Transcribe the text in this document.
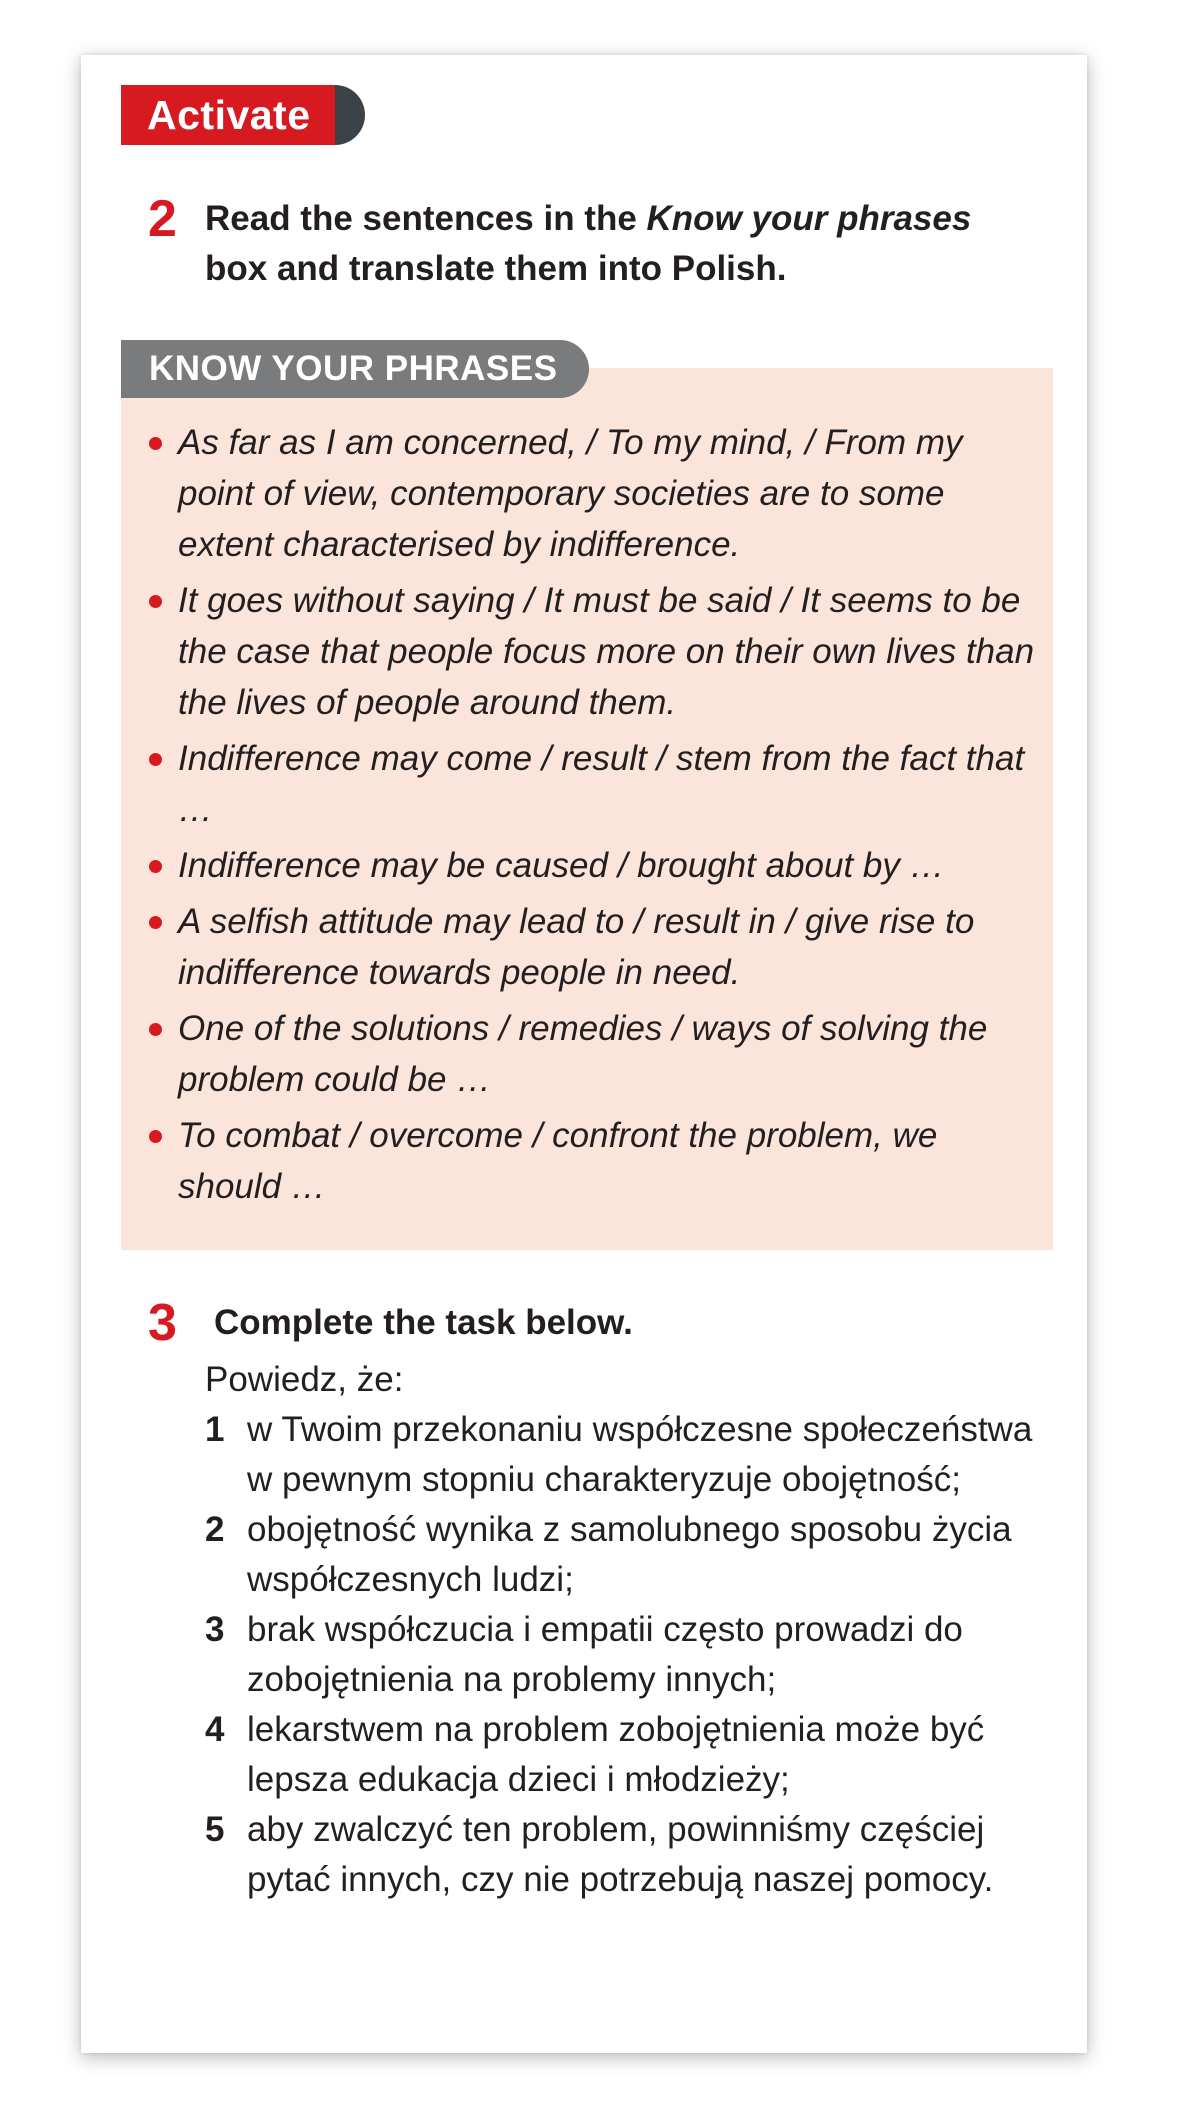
Activate
2 Read the sentences in the Know your phrases
box and translate them into Polish.
KNOW YOUR PHRASES
As far as I am concerned, / To my mind, / From my point of view, contemporary societies are to some extent characterised by indifference.
It goes without saying / It must be said / It seems to be the case that people focus more on their own lives than the lives of people around them.
Indifference may come / result / stem from the fact that …
Indifference may be caused / brought about by …
A selfish attitude may lead to / result in / give rise to indifference towards people in need.
One of the solutions / remedies / ways of solving the problem could be …
To combat / overcome / confront the problem, we should …
3 Complete the task below.
Powiedz, że:
1 w Twoim przekonaniu współczesne społeczeństwa w pewnym stopniu charakteryzuje obojętność;
2 obojętność wynika z samolubnego sposobu życia współczesnych ludzi;
3 brak współczucia i empatii często prowadzi do zobojętnienia na problemy innych;
4 lekarstwem na problem zobojętnienia może być lepsza edukacja dzieci i młodzieży;
5 aby zwalczyć ten problem, powinniśmy częściej pytać innych, czy nie potrzebują naszej pomocy.
